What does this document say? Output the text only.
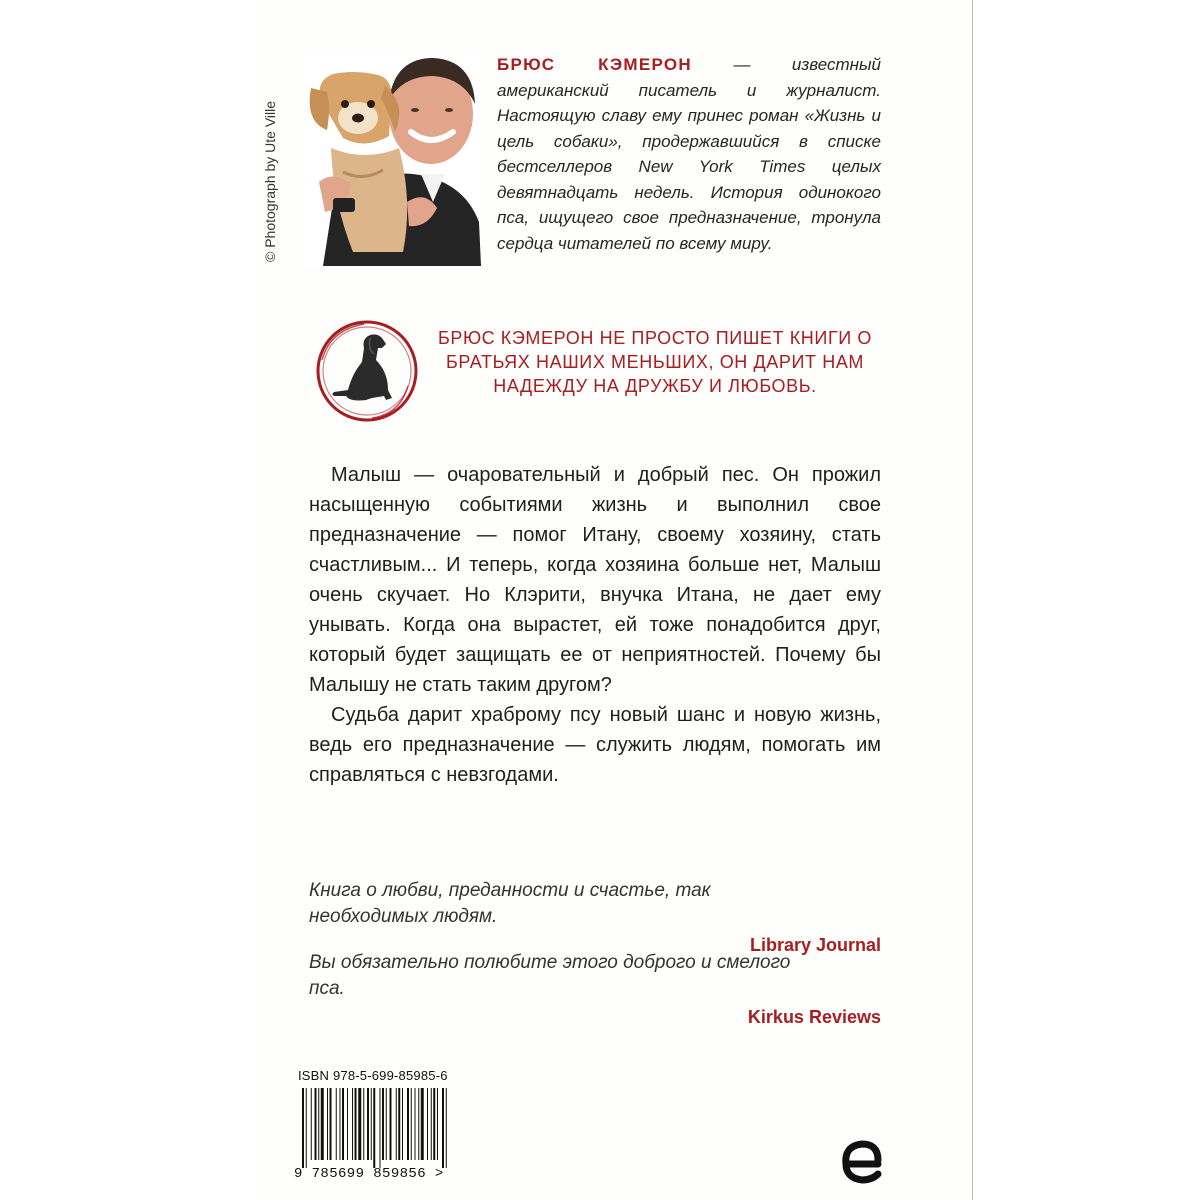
© Photograph by Ute Ville
БРЮС КЭМЕРОН — известный американский писатель и журналист. Настоящую славу ему принес роман «Жизнь и цель собаки», продержавшийся в списке бестселлеров New York Times целых девятнадцать недель. История одинокого пса, ищущего свое предназначение, тронула сердца читателей по всему миру.
БРЮС КЭМЕРОН НЕ ПРОСТО ПИШЕТ КНИГИ О БРАТЬЯХ НАШИХ МЕНЬШИХ, ОН ДАРИТ НАМ НАДЕЖДУ НА ДРУЖБУ И ЛЮБОВЬ.

Малыш — очаровательный и добрый пес. Он прожил насыщенную событиями жизнь и выполнил свое предназначение — помог Итану, своему хозяину, стать счастливым... И теперь, когда хозяина больше нет, Малыш очень скучает. Но Клэрити, внучка Итана, не дает ему унывать. Когда она вырастет, ей тоже понадобится друг, который будет защищать ее от неприятностей. Почему бы Малышу не стать таким другом?

Судьба дарит храброму псу новый шанс и новую жизнь, ведь его предназначение — служить людям, помогать им справляться с невзгодами.

Книга о любви, преданности и счастье, так необходимых людям.
Library Journal
Вы обязательно полюбите этого доброго и смелого пса.
Kirkus Reviews
ISBN 978-5-699-85985-6
9 785699 859856 >
